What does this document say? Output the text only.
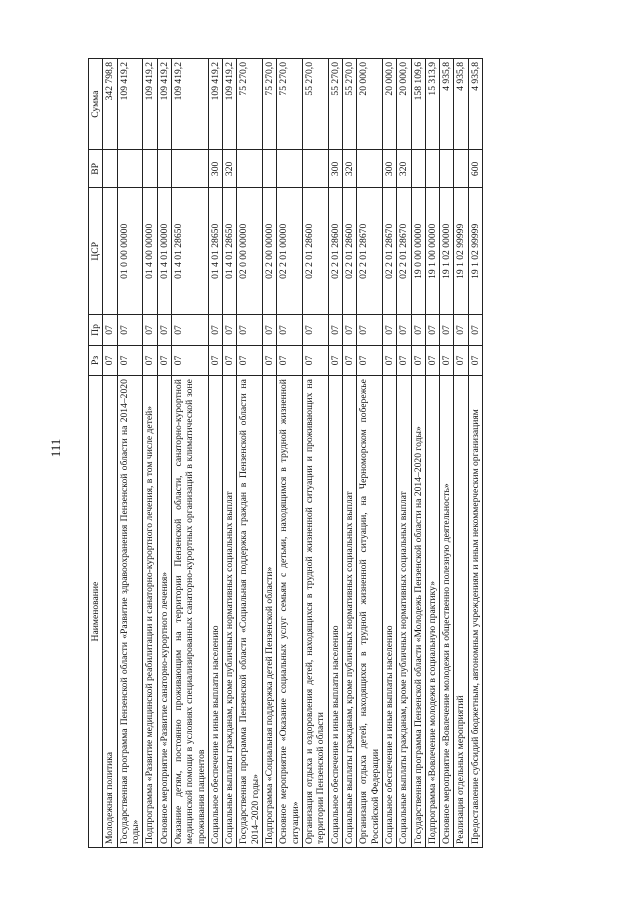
111
Наименование	Рз	Пр	ЦСР	ВР	Сумма
Молодежная политика	07	07			342 798,8
Государственная программа Пензенской области «Развитие здравоохранения Пензенской области на 2014–2020 годы»	07	07	01 0 00 00000		109 419,2
Подпрограмма «Развитие медицинской реабилитации и санаторно-курортного лечения, в том числе детей»	07	07	01 4 00 00000		109 419,2
Основное мероприятие «Развитие санаторно-курортного лечения»	07	07	01 4 01 00000		109 419,2
Оказание детям, постоянно проживающим на территории Пензенской области, санаторно-курортной медицинской помощи в условиях специализированных санаторно-курортных организаций в климатической зоне проживания пациентов	07	07	01 4 01 28650		109 419,2
Социальное обеспечение и иные выплаты населению	07	07	01 4 01 28650	300	109 419,2
Социальные выплаты гражданам, кроме публичных нормативных социальных выплат	07	07	01 4 01 28650	320	109 419,2
Государственная программа Пензенской области «Социальная поддержка граждан в Пензенской области на 2014–2020 годы»	07	07	02 0 00 00000		75 270,0
Подпрограмма «Социальная поддержка детей Пензенской области»	07	07	02 2 00 00000		75 270,0
Основное мероприятие «Оказание социальных услуг семьям с детьми, находящимся в трудной жизненной ситуации»	07	07	02 2 01 00000		75 270,0
Организация отдыха и оздоровления детей, находящихся в трудной жизненной ситуации и проживающих на территории Пензенской области	07	07	02 2 01 28600		55 270,0
Социальное обеспечение и иные выплаты населению	07	07	02 2 01 28600	300	55 270,0
Социальные выплаты гражданам, кроме публичных нормативных социальных выплат	07	07	02 2 01 28600	320	55 270,0
Организация отдыха детей, находящихся в трудной жизненной ситуации, на Черноморском побережье Российской Федерации	07	07	02 2 01 28670		20 000,0
Социальное обеспечение и иные выплаты населению	07	07	02 2 01 28670	300	20 000,0
Социальные выплаты гражданам, кроме публичных нормативных социальных выплат	07	07	02 2 01 28670	320	20 000,0
Государственная программа Пензенской области «Молодежь Пензенской области на 2014–2020 годы»	07	07	19 0 00 00000		158 109,6
Подпрограмма «Вовлечение молодежи в социальную практику»	07	07	19 1 00 00000		15 313,9
Основное мероприятие «Вовлечение молодежи в общественно полезную деятельность»	07	07	19 1 02 00000		4 935,8
Реализация отдельных мероприятий	07	07	19 1 02 99999		4 935,8
Предоставление субсидий бюджетным, автономным учреждениям и иным некоммерческим организациям	07	07	19 1 02 99999	600	4 935,8
